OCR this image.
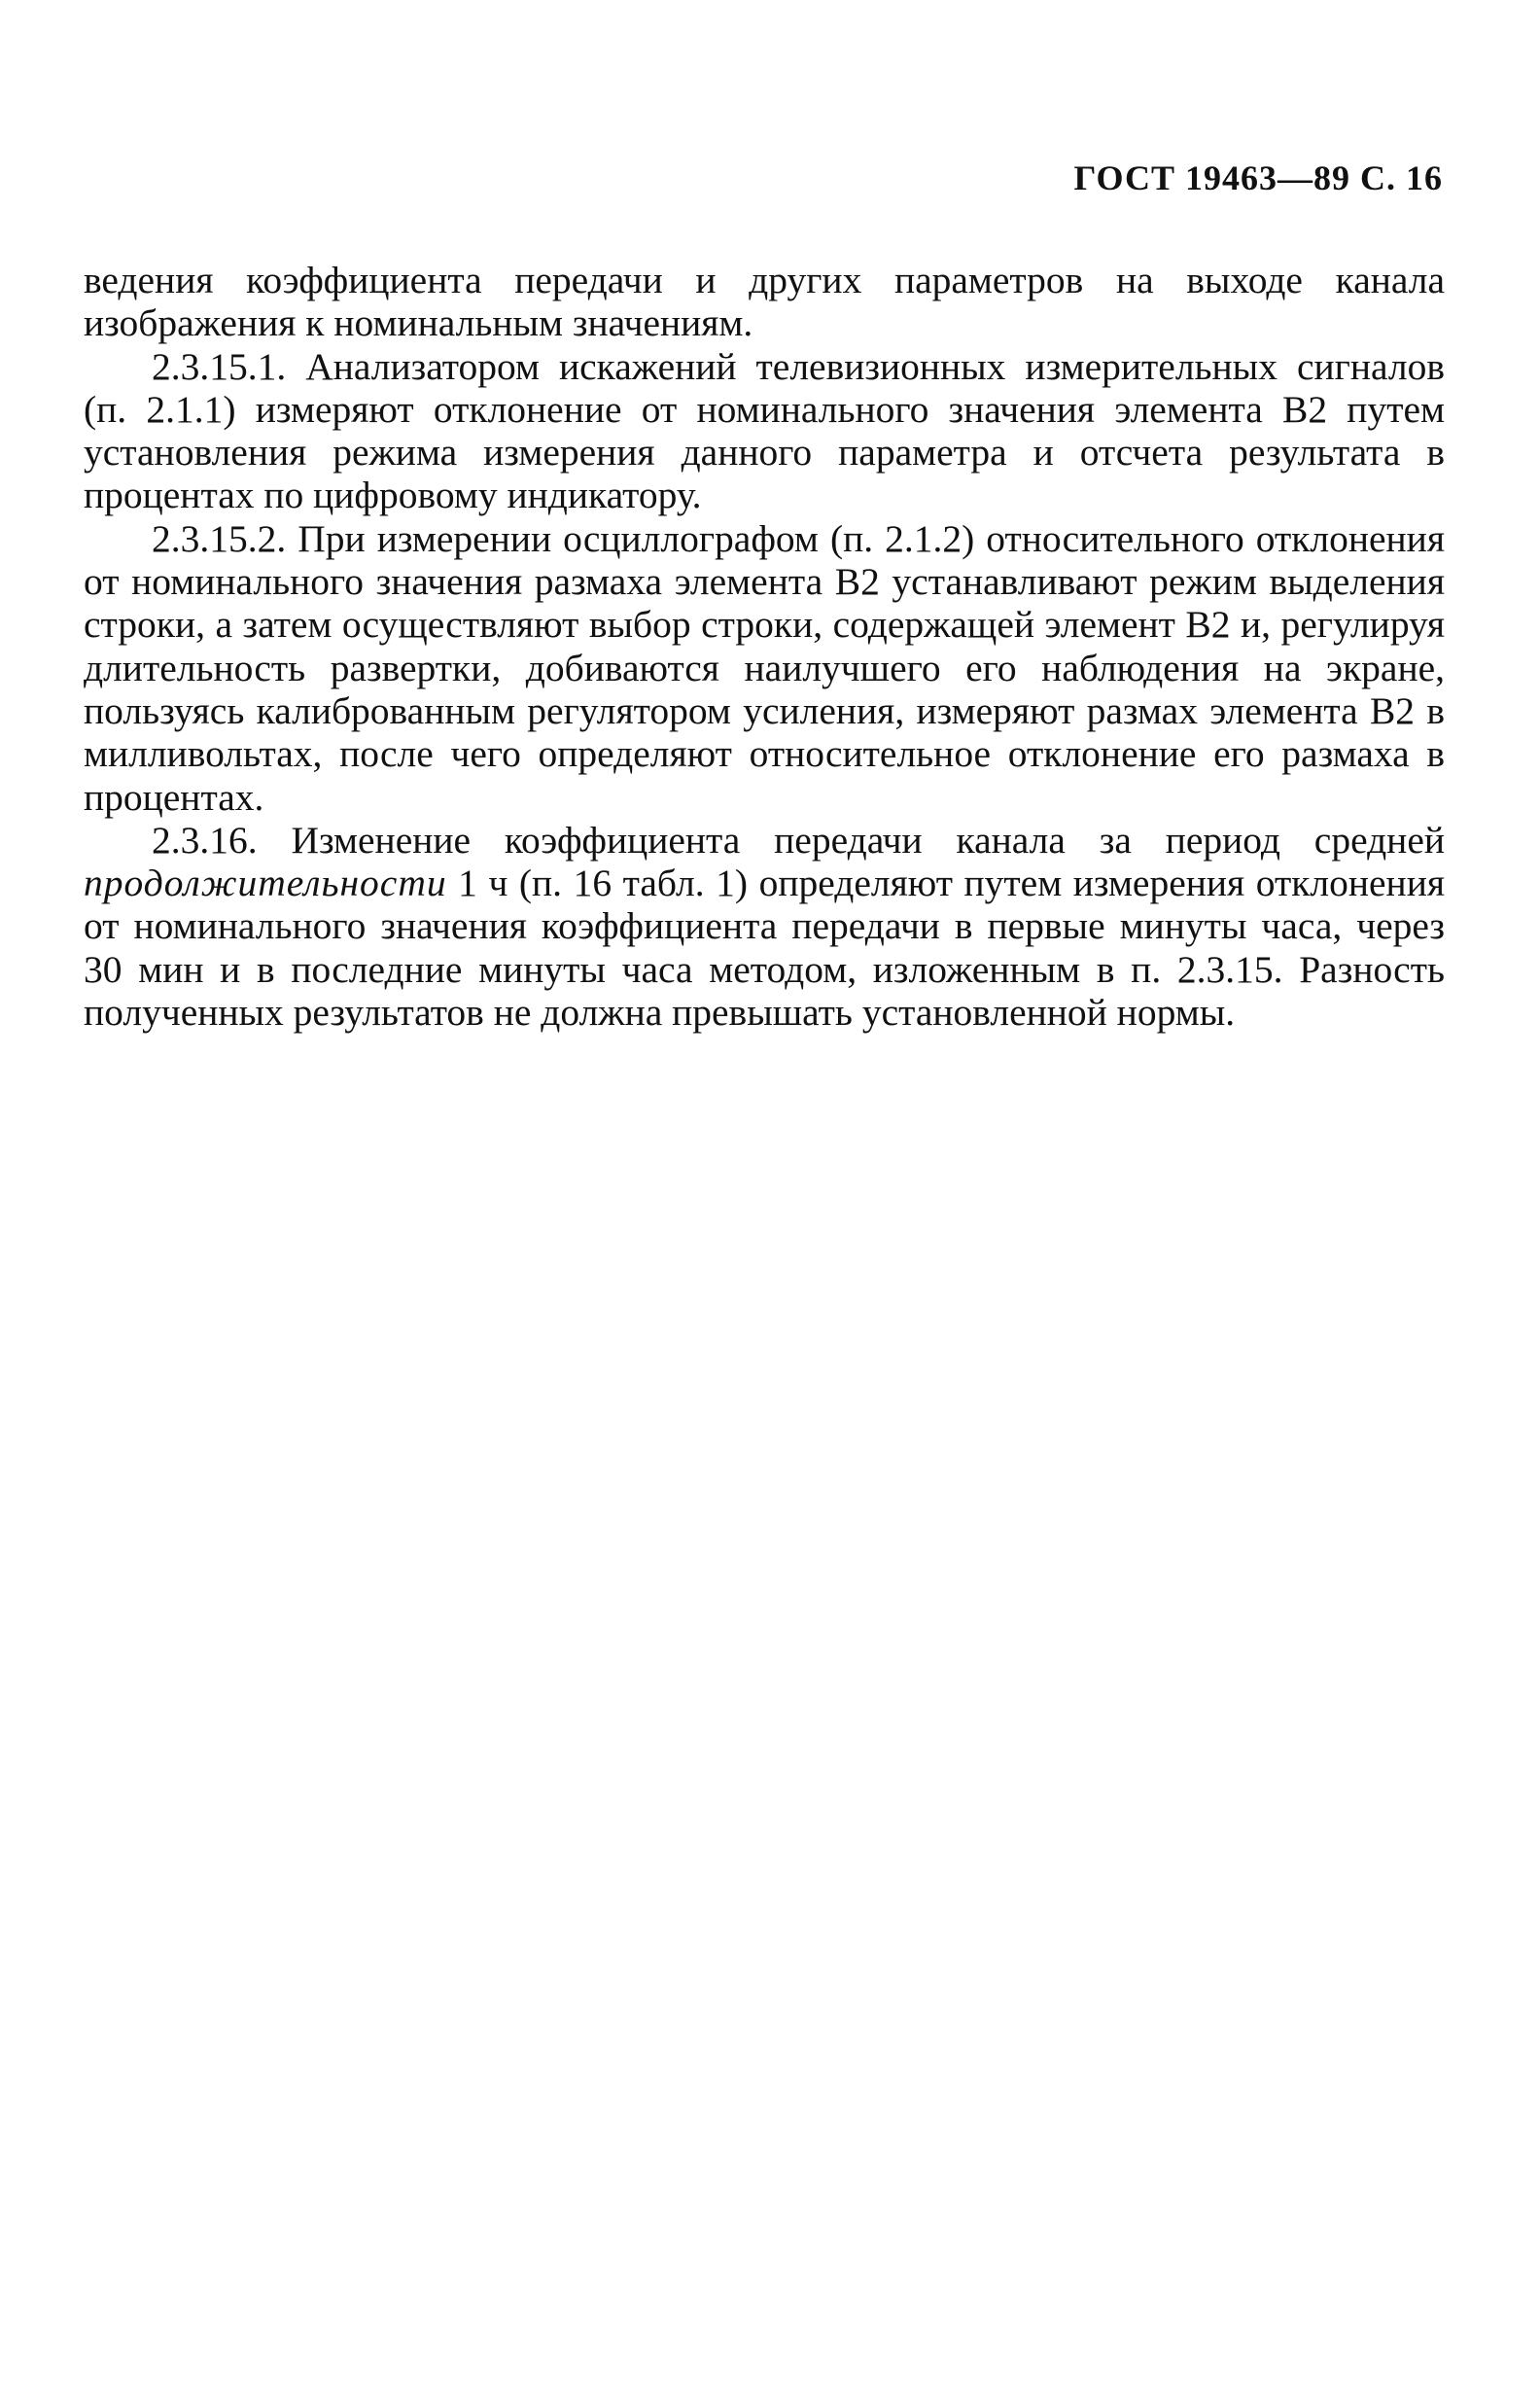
ГОСТ 19463—89 С. 16

ведения коэффициента передачи и других параметров на выходе канала изображения к номинальным значениям.

2.3.15.1. Анализатором искажений телевизионных измерительных сигналов (п. 2.1.1) измеряют отклонение от номинального значения элемента В2 путем установления режима измерения данного параметра и отсчета результата в процентах по цифровому индикатору.

2.3.15.2. При измерении осциллографом (п. 2.1.2) относительного отклонения от номинального значения размаха элемента В2 устанавливают режим выделения строки, а затем осуществляют выбор строки, содержащей элемент В2 и, регулируя длительность развертки, добиваются наилучшего его наблюдения на экране, пользуясь калиброванным регулятором усиления, измеряют размах элемента В2 в милливольтах, после чего определяют относительное отклонение его размаха в процентах.

2.3.16. Изменение коэффициента передачи канала за период средней продолжительности 1 ч (п. 16 табл. 1) определяют путем измерения отклонения от номинального значения коэффициента передачи в первые минуты часа, через 30 мин и в последние минуты часа методом, изложенным в п. 2.3.15. Разность полученных результатов не должна превышать установленной нормы.
